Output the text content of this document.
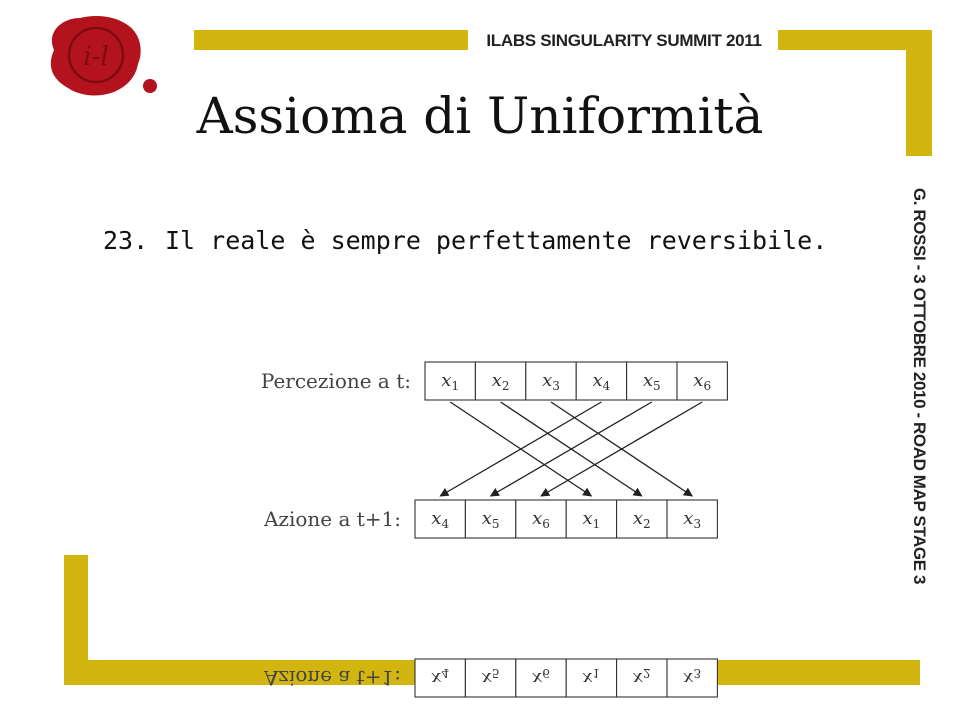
ILABS SINGULARITY SUMMIT 2011
G. ROSSI - 3 OTTOBRE 2010 - ROAD MAP STAGE 3
i-l
Assioma di Uniformità
23. Il reale è sempre perfettamente reversibile.
Percezione a t:
Azione a t+1:
$x_1$ $x_2$ $x_3$ $x_4$ $x_5$ $x_6$
$x_4$ $x_5$ $x_6$ $x_1$ $x_2$ $x_3$
Azione a t+1: $x_4$ $x_5$ $x_6$ $x_1$ $x_2$ $x_3$
